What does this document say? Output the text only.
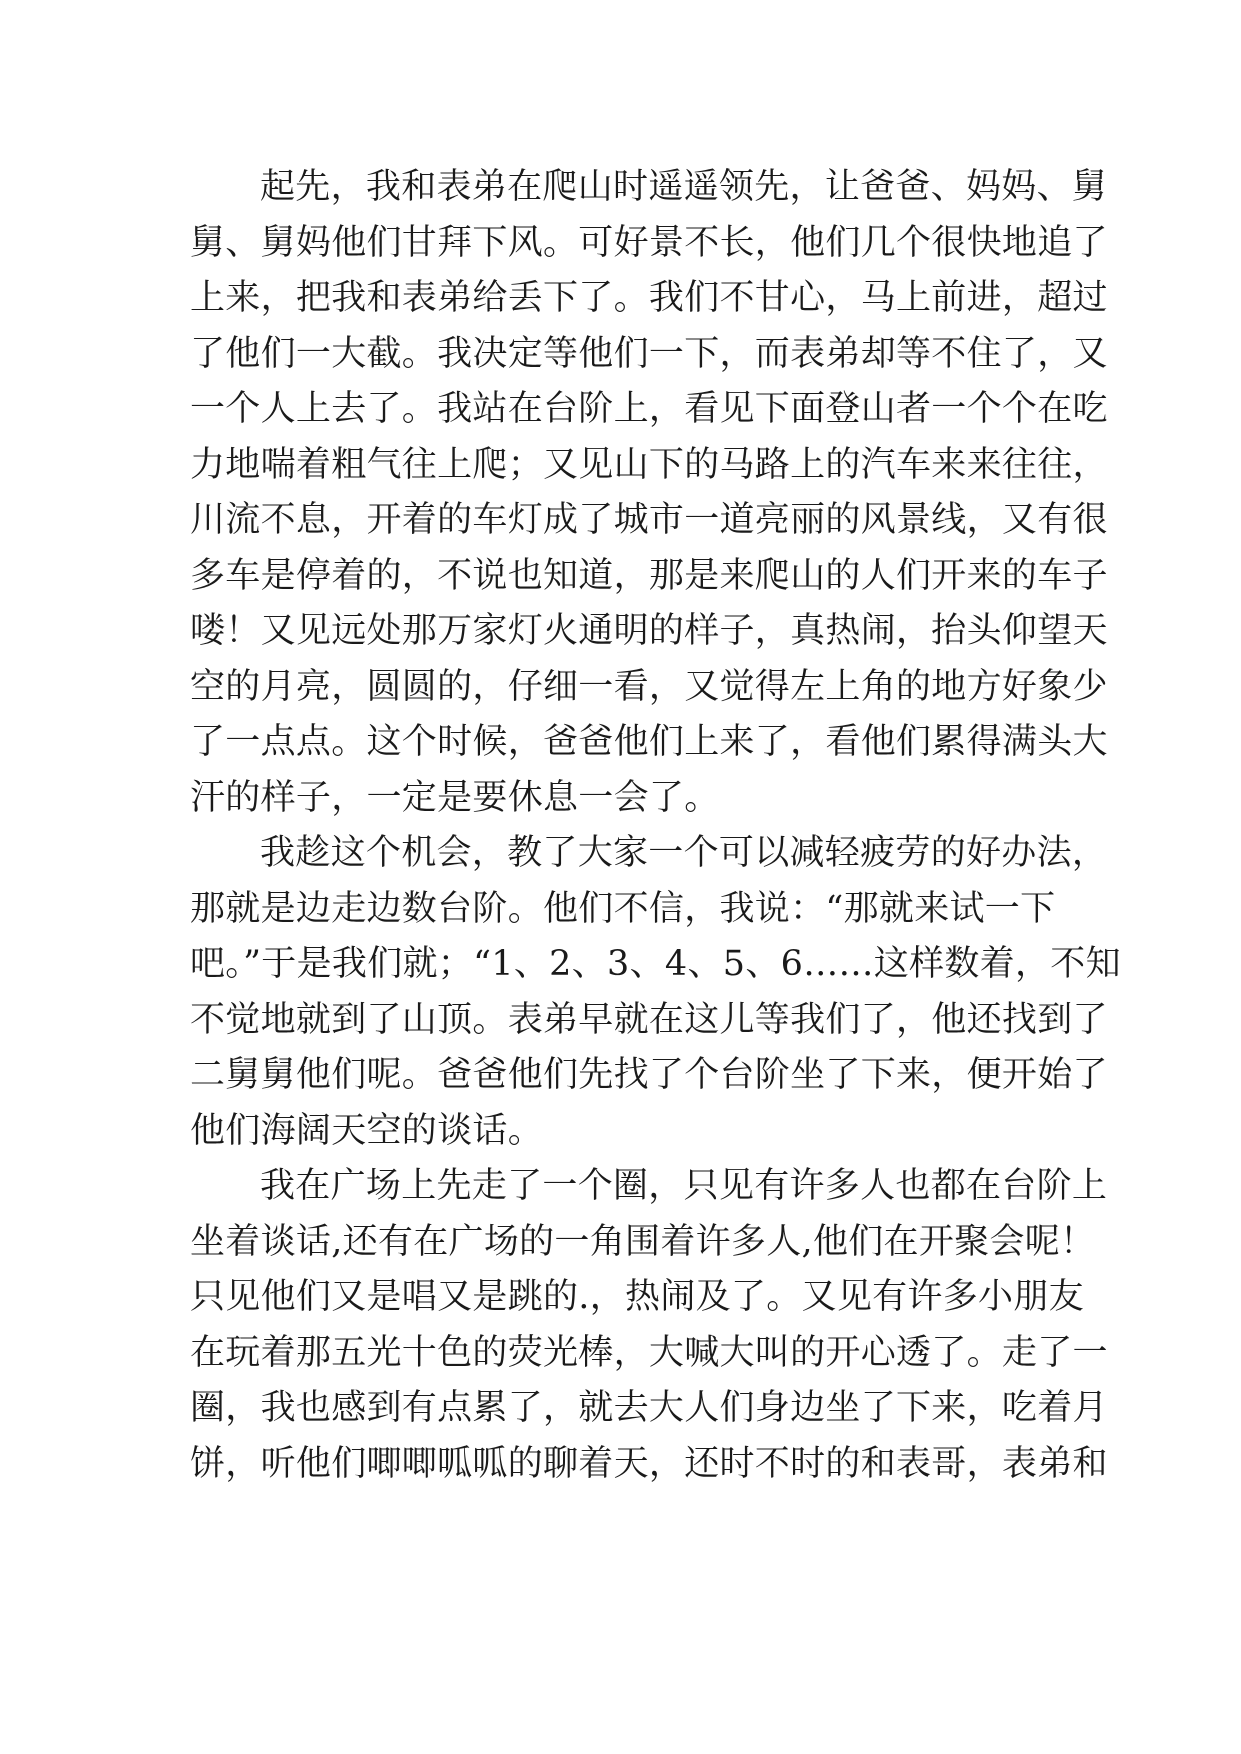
起先，我和表弟在爬山时遥遥领先，让爸爸、妈妈、舅
舅、舅妈他们甘拜下风。可好景不长，他们几个很快地追了
上来，把我和表弟给丢下了。我们不甘心，马上前进，超过
了他们一大截。我决定等他们一下，而表弟却等不住了，又
一个人上去了。我站在台阶上，看见下面登山者一个个在吃
力地喘着粗气往上爬；又见山下的马路上的汽车来来往往，
川流不息，开着的车灯成了城市一道亮丽的风景线，又有很
多车是停着的，不说也知道，那是来爬山的人们开来的车子
喽！又见远处那万家灯火通明的样子，真热闹，抬头仰望天
空的月亮，圆圆的，仔细一看，又觉得左上角的地方好象少
了一点点。这个时候，爸爸他们上来了，看他们累得满头大
汗的样子，一定是要休息一会了。
我趁这个机会，教了大家一个可以减轻疲劳的好办法，
那就是边走边数台阶。他们不信，我说：“那就来试一下
吧。”于是我们就；“1、2、3、4、5、6……这样数着，不知
不觉地就到了山顶。表弟早就在这儿等我们了，他还找到了
二舅舅他们呢。爸爸他们先找了个台阶坐了下来，便开始了
他们海阔天空的谈话。
我在广场上先走了一个圈，只见有许多人也都在台阶上
坐着谈话,还有在广场的一角围着许多人,他们在开聚会呢！
只见他们又是唱又是跳的.，热闹及了。又见有许多小朋友
在玩着那五光十色的荧光棒，大喊大叫的开心透了。走了一
圈，我也感到有点累了，就去大人们身边坐了下来，吃着月
饼，听他们唧唧呱呱的聊着天，还时不时的和表哥，表弟和
